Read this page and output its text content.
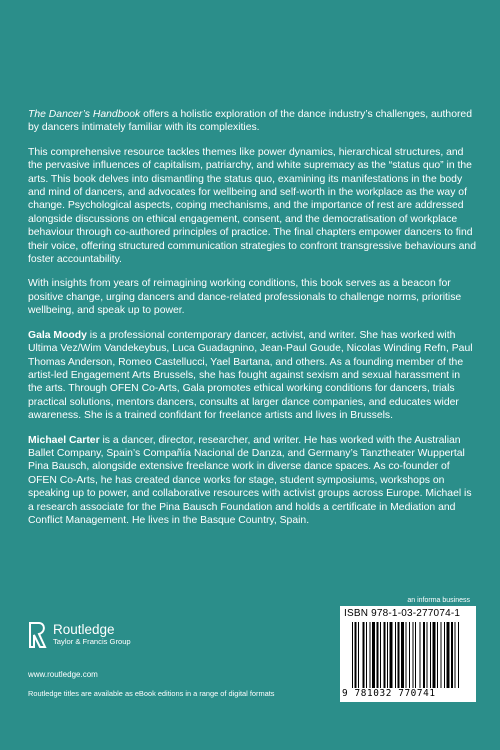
The Dancer’s Handbook offers a holistic exploration of the dance industry’s challenges, authored by dancers intimately familiar with its complexities.

This comprehensive resource tackles themes like power dynamics, hierarchical structures, and the pervasive influences of capitalism, patriarchy, and white supremacy as the “status quo” in the arts. This book delves into dismantling the status quo, examining its manifestations in the body and mind of dancers, and advocates for wellbeing and self-worth in the workplace as the way of change. Psychological aspects, coping mechanisms, and the importance of rest are addressed alongside discussions on ethical engagement, consent, and the democratisation of workplace behaviour through co-authored principles of practice. The final chapters empower dancers to find their voice, offering structured communication strategies to confront transgressive behaviours and foster accountability.

With insights from years of reimagining working conditions, this book serves as a beacon for positive change, urging dancers and dance-related professionals to challenge norms, prioritise wellbeing, and speak up to power.

Gala Moody is a professional contemporary dancer, activist, and writer. She has worked with Ultima Vez/Wim Vandekeybus, Luca Guadagnino, Jean-Paul Goude, Nicolas Winding Refn, Paul Thomas Anderson, Romeo Castellucci, Yael Bartana, and others. As a founding member of the artist-led Engagement Arts Brussels, she has fought against sexism and sexual harassment in the arts. Through OFEN Co-Arts, Gala promotes ethical working conditions for dancers, trials practical solutions, mentors dancers, consults at larger dance companies, and educates wider awareness. She is a trained confidant for freelance artists and lives in Brussels.

Michael Carter is a dancer, director, researcher, and writer. He has worked with the Australian Ballet Company, Spain’s Compañía Nacional de Danza, and Germany’s Tanztheater Wuppertal Pina Bausch, alongside extensive freelance work in diverse dance spaces. As co-founder of OFEN Co-Arts, he has created dance works for stage, student symposiums, workshops on speaking up to power, and collaborative resources with activist groups across Europe. Michael is a research associate for the Pina Bausch Foundation and holds a certificate in Mediation and Conflict Management. He lives in the Basque Country, Spain.

an informa business
ISBN 978-1-03-277074-1
9 781032 770741
Routledge
Taylor & Francis Group
www.routledge.com
Routledge titles are available as eBook editions in a range of digital formats
